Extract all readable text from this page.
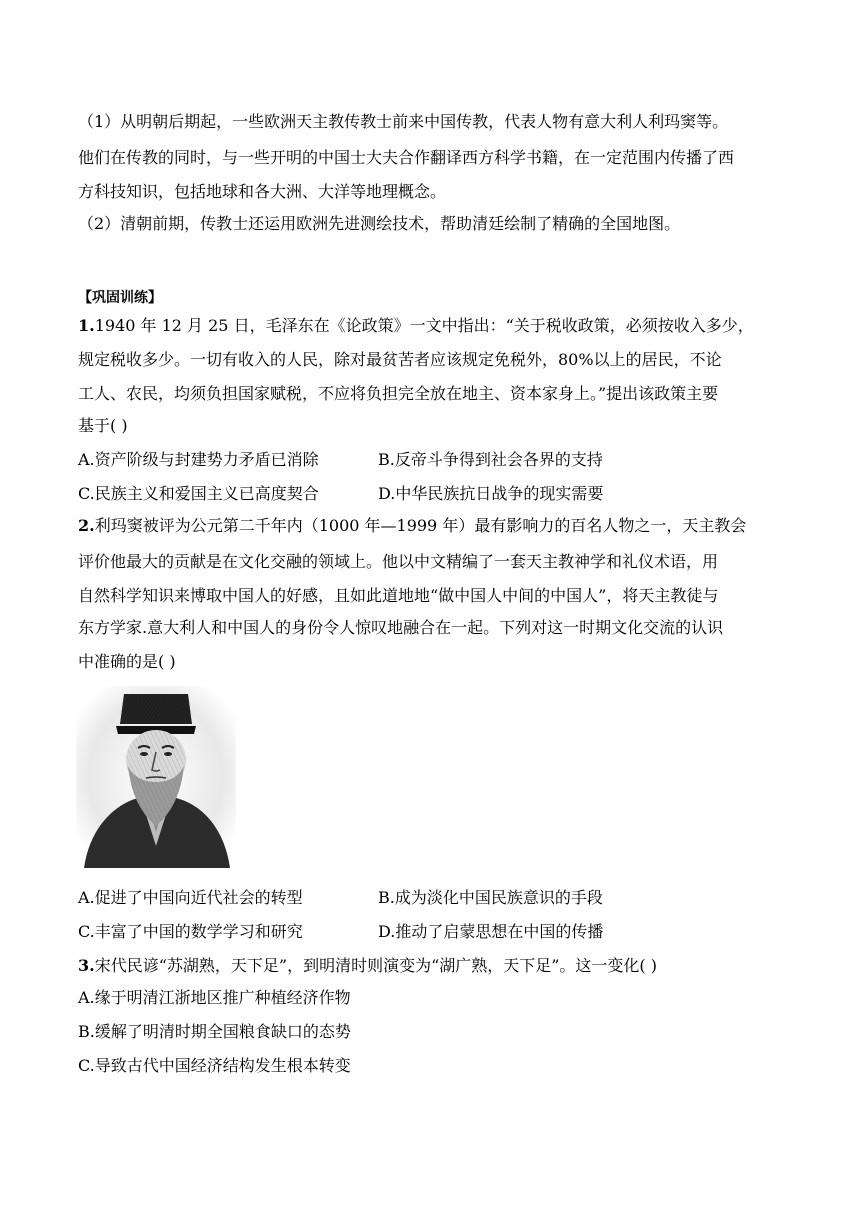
（1）从明朝后期起，一些欧洲天主教传教士前来中国传教，代表人物有意大利人利玛窦等。
他们在传教的同时，与一些开明的中国士大夫合作翻译西方科学书籍，在一定范围内传播了西
方科技知识，包括地球和各大洲、大洋等地理概念。
（2）清朝前期，传教士还运用欧洲先进测绘技术，帮助清廷绘制了精确的全国地图。
【巩固训练】
1.1940 年 12 月 25 日，毛泽东在《论政策》一文中指出：“关于税收政策，必须按收入多少，
规定税收多少。一切有收入的人民，除对最贫苦者应该规定免税外，80%以上的居民，不论
工人、农民，均须负担国家赋税，不应将负担完全放在地主、资本家身上。”提出该政策主要
基于( )
A.资产阶级与封建势力矛盾已消除	B.反帝斗争得到社会各界的支持
C.民族主义和爱国主义已高度契合	D.中华民族抗日战争的现实需要
2.利玛窦被评为公元第二千年内（1000 年—1999 年）最有影响力的百名人物之一，天主教会
评价他最大的贡献是在文化交融的领域上。他以中文精编了一套天主教神学和礼仪术语，用
自然科学知识来博取中国人的好感，且如此道地地“做中国人中间的中国人”，将天主教徒与
东方学家.意大利人和中国人的身份令人惊叹地融合在一起。下列对这一时期文化交流的认识
中准确的是( )
A.促进了中国向近代社会的转型	B.成为淡化中国民族意识的手段
C.丰富了中国的数学学习和研究	D.推动了启蒙思想在中国的传播
3.宋代民谚“苏湖熟，天下足”，到明清时则演变为“湖广熟，天下足”。这一变化( )
A.缘于明清江浙地区推广种植经济作物
B.缓解了明清时期全国粮食缺口的态势
C.导致古代中国经济结构发生根本转变
